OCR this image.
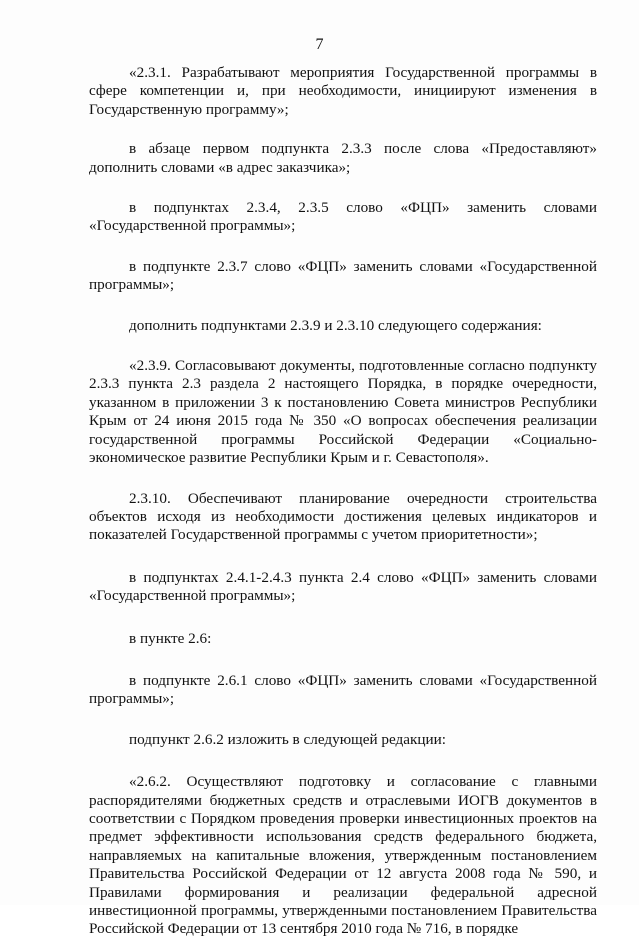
7

«2.3.1. Разрабатывают мероприятия Государственной программы в сфере компетенции и, при необходимости, инициируют изменения в Государственную программу»;

в абзаце первом подпункта 2.3.3 после слова «Предоставляют» дополнить словами «в адрес заказчика»;

в подпунктах 2.3.4, 2.3.5 слово «ФЦП» заменить словами «Государственной программы»;

в подпункте 2.3.7 слово «ФЦП» заменить словами «Государственной программы»;

дополнить подпунктами 2.3.9 и 2.3.10 следующего содержания:

«2.3.9. Согласовывают документы, подготовленные согласно подпункту 2.3.3 пункта 2.3 раздела 2 настоящего Порядка, в порядке очередности, указанном в приложении 3 к постановлению Совета министров Республики Крым от 24 июня 2015 года № 350 «О вопросах обеспечения реализации государственной программы Российской Федерации «Социально-экономическое развитие Республики Крым и г. Севастополя».

2.3.10. Обеспечивают планирование очередности строительства объектов исходя из необходимости достижения целевых индикаторов и показателей Государственной программы с учетом приоритетности»;

в подпунктах 2.4.1-2.4.3 пункта 2.4 слово «ФЦП» заменить словами «Государственной программы»;

в пункте 2.6:

в подпункте 2.6.1 слово «ФЦП» заменить словами «Государственной программы»;

подпункт 2.6.2 изложить в следующей редакции:

«2.6.2. Осуществляют подготовку и согласование с главными распорядителями бюджетных средств и отраслевыми ИОГВ документов в соответствии с Порядком проведения проверки инвестиционных проектов на предмет эффективности использования средств федерального бюджета, направляемых на капитальные вложения, утвержденным постановлением Правительства Российской Федерации от 12 августа 2008 года № 590, и Правилами формирования и реализации федеральной адресной инвестиционной программы, утвержденными постановлением Правительства Российской Федерации от 13 сентября 2010 года № 716, в порядке
